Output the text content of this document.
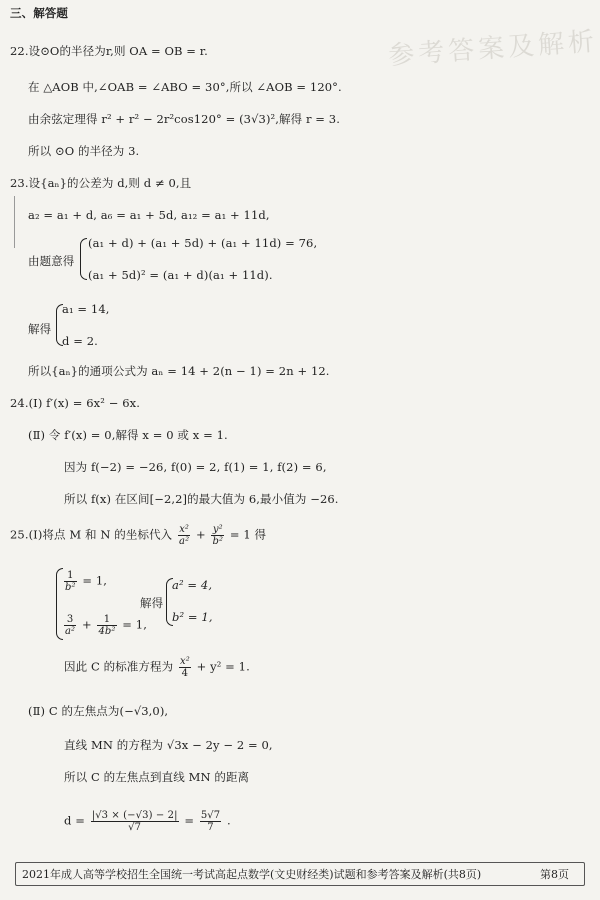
三、解答题
参考答案及解析
22.设⊙O的半径为r,则 OA = OB = r.
在 △AOB 中,∠OAB = ∠ABO = 30°,所以 ∠AOB = 120°.
由余弦定理得 r² + r² − 2r²cos120° = (3√3)²,解得 r = 3.
所以 ⊙O 的半径为 3.
23.设{aₙ}的公差为 d,则 d ≠ 0,且
a₂ = a₁ + d, a₆ = a₁ + 5d, a₁₂ = a₁ + 11d,
由题意得
(a₁ + d) + (a₁ + 5d) + (a₁ + 11d) = 76,
(a₁ + 5d)² = (a₁ + d)(a₁ + 11d).
解得
a₁ = 14,
d = 2.
所以{aₙ}的通项公式为 aₙ = 14 + 2(n − 1) = 2n + 12.
24.(Ⅰ) f′(x) = 6x² − 6x.
(Ⅱ) 令 f′(x) = 0,解得 x = 0 或 x = 1.
因为 f(−2) = −26, f(0) = 2, f(1) = 1, f(2) = 6,
所以 f(x) 在区间[−2,2]的最大值为 6,最小值为 −26.
25.(Ⅰ)将点 M 和 N 的坐标代入 $\frac{\text{x²}}{\text{a²}} + \frac{\text{y²}}{\text{b²}} = 1$ 得
$\frac{1}{\text{b²}} = 1$,
$\frac{3}{\text{a²}} + \frac{1}{\text{4b²}} = 1$,
解得
a² = 4,
b² = 1,
因此 C 的标准方程为 $\frac{\text{x²}}{4} + y^2 = 1$.
(Ⅱ) C 的左焦点为(−√3,0),
直线 MN 的方程为 √3x − 2y − 2 = 0,
所以 C 的左焦点到直线 MN 的距离
$d = \frac{|√3 \times (-√3) - 2|}{√7} = \frac{5√7}{7}$ .
2021年成人高等学校招生全国统一考试高起点数学(文史财经类)试题和参考答案及解析(共8页)	第8页
